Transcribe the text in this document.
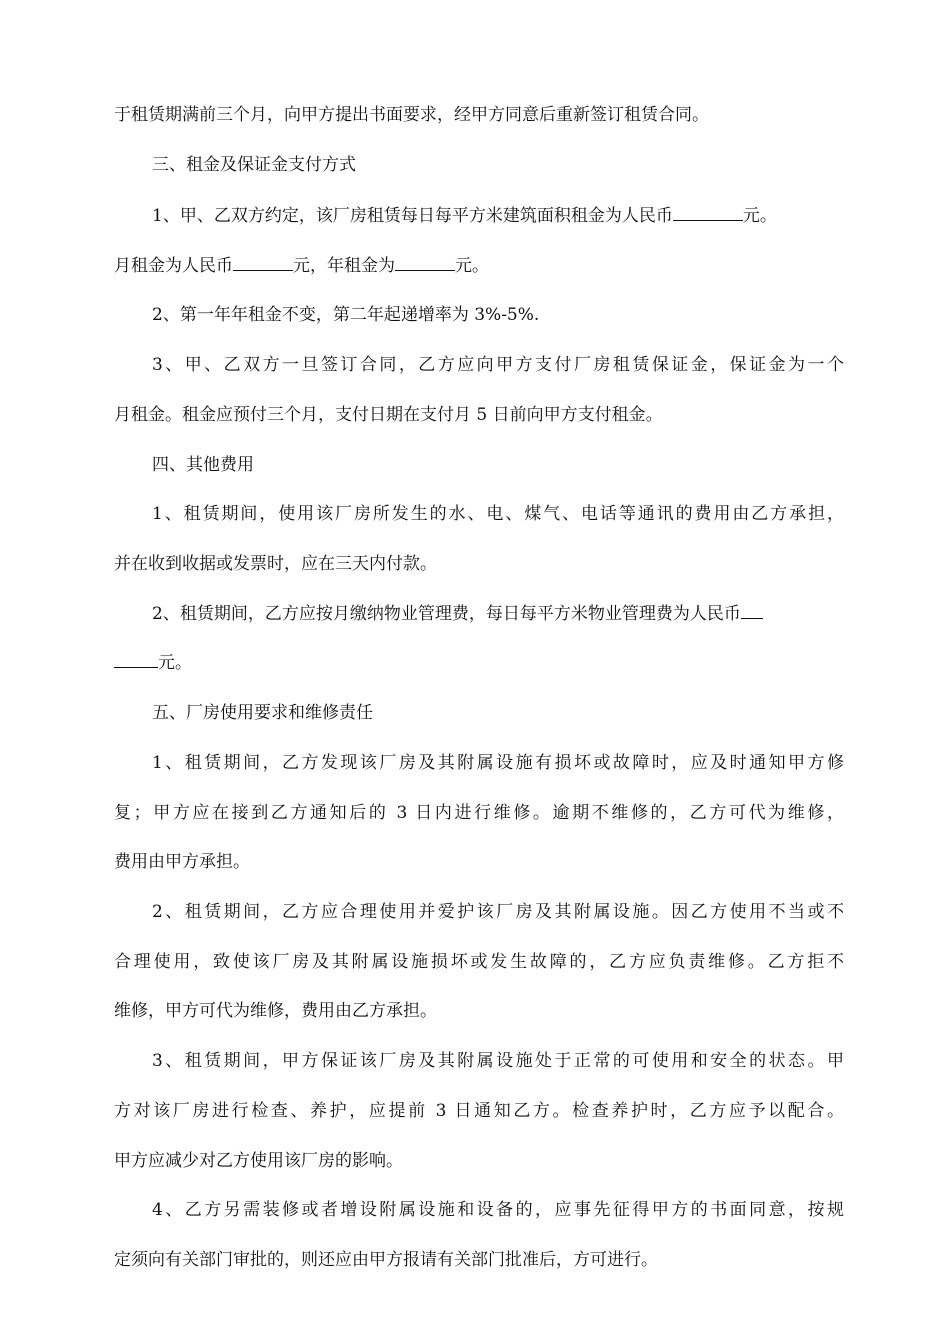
于租赁期满前三个月，向甲方提出书面要求，经甲方同意后重新签订租赁合同。
三、租金及保证金支付方式
1、甲、乙双方约定，该厂房租赁每日每平方米建筑面积租金为人民币	元。
月租金为人民币	元，年租金为	元。
2、第一年年租金不变，第二年起递增率为 3%-5%.
3、甲、乙双方一旦签订合同，乙方应向甲方支付厂房租赁保证金，保证金为一个
月租金。租金应预付三个月，支付日期在支付月 5 日前向甲方支付租金。
四、其他费用
1、租赁期间，使用该厂房所发生的水、电、煤气、电话等通讯的费用由乙方承担，
并在收到收据或发票时，应在三天内付款。
2、租赁期间，乙方应按月缴纳物业管理费，每日每平方米物业管理费为人民币
元。
五、厂房使用要求和维修责任
1、租赁期间，乙方发现该厂房及其附属设施有损坏或故障时，应及时通知甲方修
复；甲方应在接到乙方通知后的 3 日内进行维修。逾期不维修的，乙方可代为维修，
费用由甲方承担。
2、租赁期间，乙方应合理使用并爱护该厂房及其附属设施。因乙方使用不当或不
合理使用，致使该厂房及其附属设施损坏或发生故障的，乙方应负责维修。乙方拒不
维修，甲方可代为维修，费用由乙方承担。
3、租赁期间，甲方保证该厂房及其附属设施处于正常的可使用和安全的状态。甲
方对该厂房进行检查、养护，应提前 3 日通知乙方。检查养护时，乙方应予以配合。
甲方应减少对乙方使用该厂房的影响。
4、乙方另需装修或者增设附属设施和设备的，应事先征得甲方的书面同意，按规
定须向有关部门审批的，则还应由甲方报请有关部门批准后，方可进行。
